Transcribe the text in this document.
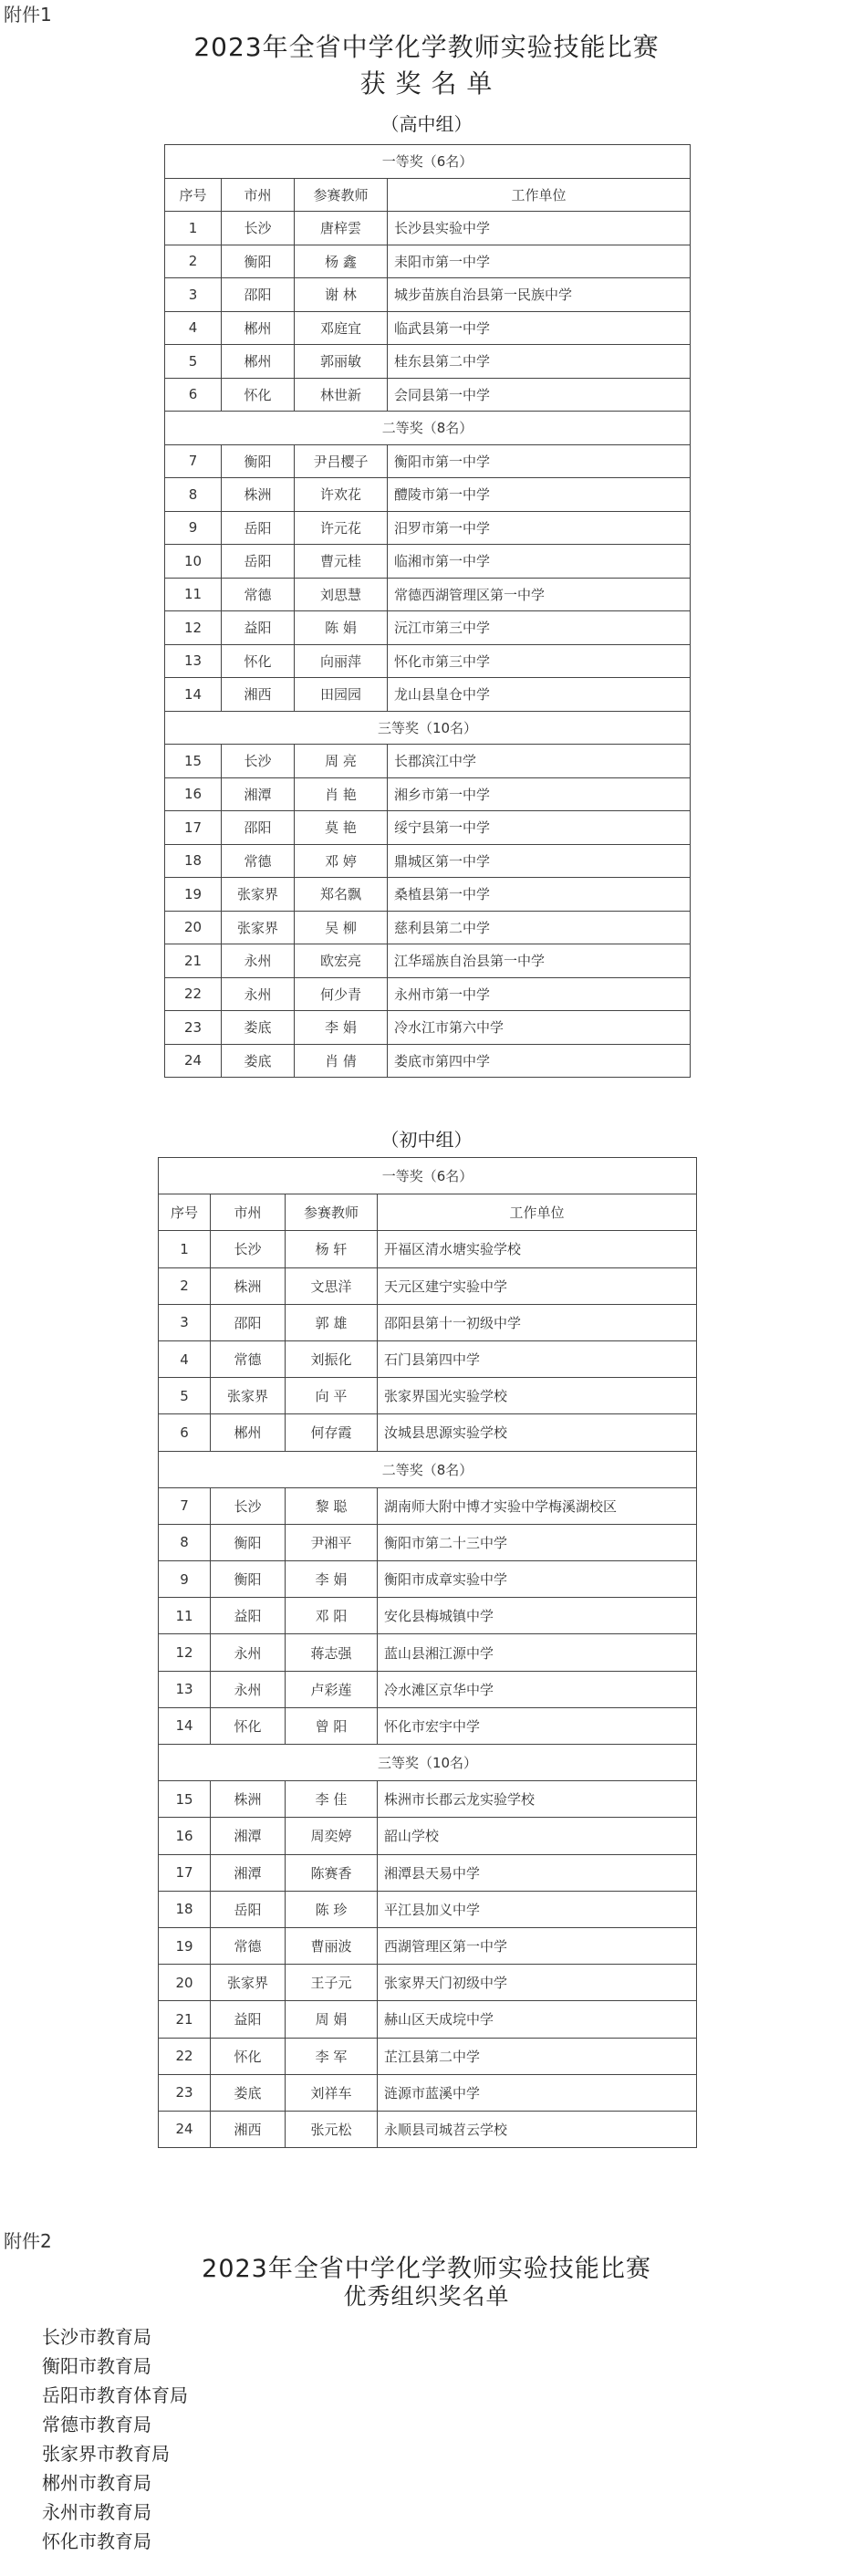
附件1
2023年全省中学化学教师实验技能比赛
获 奖 名 单
（高中组）
一等奖（6名）			
序号	市州	参赛教师	工作单位
1	长沙	唐梓雲	长沙县实验中学
2	衡阳	杨 鑫	耒阳市第一中学
3	邵阳	谢 林	城步苗族自治县第一民族中学
4	郴州	邓庭宜	临武县第一中学
5	郴州	郭丽敏	桂东县第二中学
6	怀化	林世新	会同县第一中学
二等奖（8名）			
7	衡阳	尹吕樱子	衡阳市第一中学
8	株洲	许欢花	醴陵市第一中学
9	岳阳	许元花	汨罗市第一中学
10	岳阳	曹元桂	临湘市第一中学
11	常德	刘思慧	常德西湖管理区第一中学
12	益阳	陈 娟	沅江市第三中学
13	怀化	向丽萍	怀化市第三中学
14	湘西	田园园	龙山县皇仓中学
三等奖（10名）			
15	长沙	周 亮	长郡滨江中学
16	湘潭	肖 艳	湘乡市第一中学
17	邵阳	莫 艳	绥宁县第一中学
18	常德	邓 婷	鼎城区第一中学
19	张家界	郑名飘	桑植县第一中学
20	张家界	吴 柳	慈利县第二中学
21	永州	欧宏亮	江华瑶族自治县第一中学
22	永州	何少青	永州市第一中学
23	娄底	李 娟	冷水江市第六中学
24	娄底	肖 倩	娄底市第四中学
（初中组）
一等奖（6名）			
序号	市州	参赛教师	工作单位
1	长沙	杨 轩	开福区清水塘实验学校
2	株洲	文思洋	天元区建宁实验中学
3	邵阳	郭 雄	邵阳县第十一初级中学
4	常德	刘振化	石门县第四中学
5	张家界	向 平	张家界国光实验学校
6	郴州	何存霞	汝城县思源实验学校
二等奖（8名）			
7	长沙	黎 聪	湖南师大附中博才实验中学梅溪湖校区
8	衡阳	尹湘平	衡阳市第二十三中学
9	衡阳	李 娟	衡阳市成章实验中学
11	益阳	邓 阳	安化县梅城镇中学
12	永州	蒋志强	蓝山县湘江源中学
13	永州	卢彩莲	冷水滩区京华中学
14	怀化	曾 阳	怀化市宏宇中学
三等奖（10名）			
15	株洲	李 佳	株洲市长郡云龙实验学校
16	湘潭	周奕婷	韶山学校
17	湘潭	陈赛香	湘潭县天易中学
18	岳阳	陈 珍	平江县加义中学
19	常德	曹丽波	西湖管理区第一中学
20	张家界	王子元	张家界天门初级中学
21	益阳	周 娟	赫山区天成垸中学
22	怀化	李 军	芷江县第二中学
23	娄底	刘祥车	涟源市蓝溪中学
24	湘西	张元松	永顺县司城苕云学校
附件2
2023年全省中学化学教师实验技能比赛
优秀组织奖名单
长沙市教育局
衡阳市教育局
岳阳市教育体育局
常德市教育局
张家界市教育局
郴州市教育局
永州市教育局
怀化市教育局
